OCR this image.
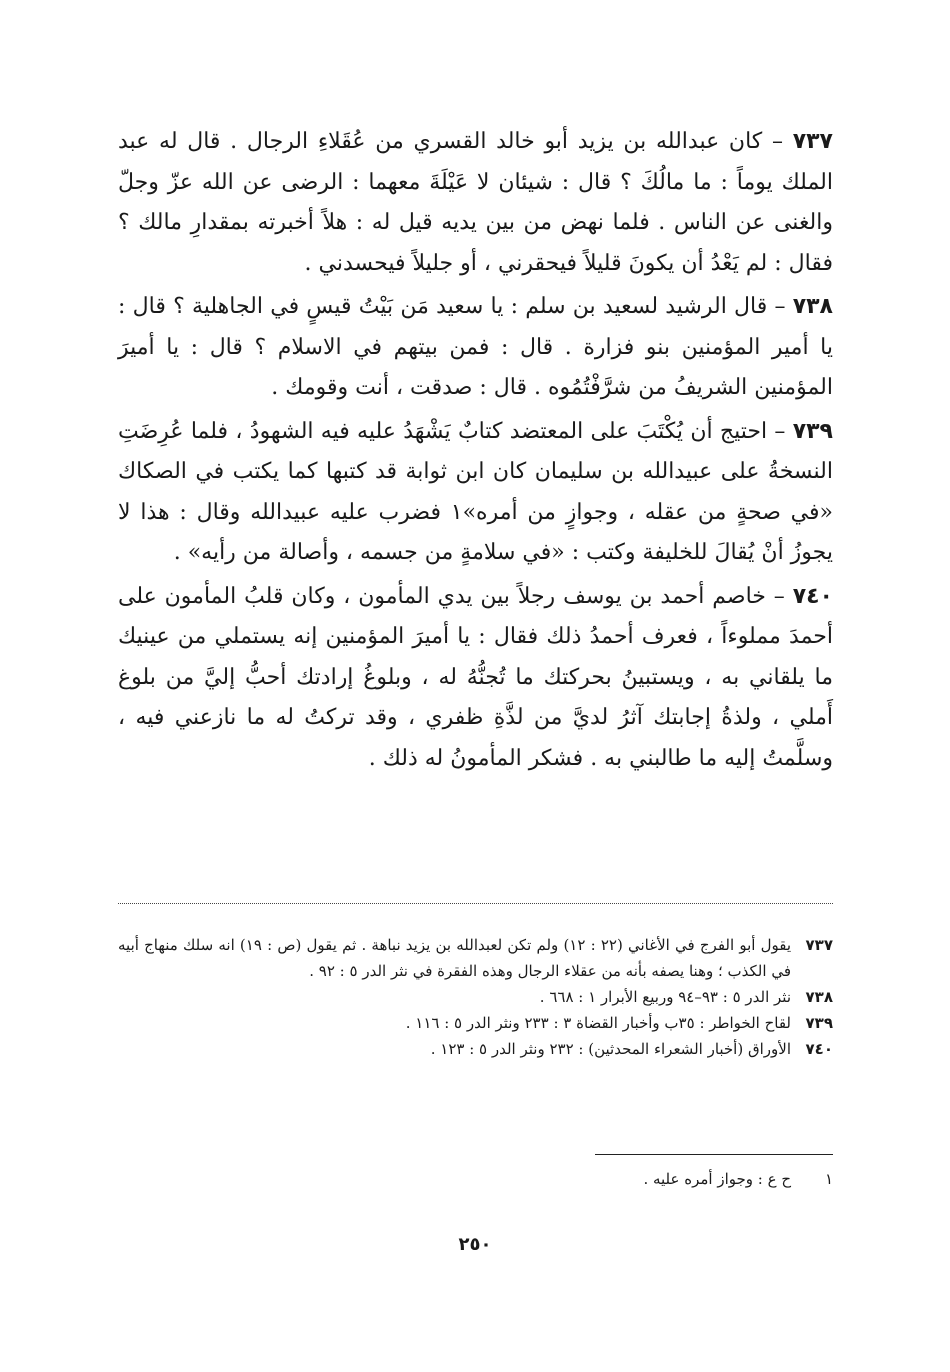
٧٣٧ – كان عبدالله بن يزيد أبو خالد القسري من عُقَلاءِ الرجال . قال له عبد الملك يوماً : ما مالُكَ ؟ قال : شيئان لا عَيْلَةَ معهما : الرضى عن الله عزّ وجلّ والغنى عن الناس . فلما نهض من بين يديه قيل له : هلاً أخبرته بمقدارِ مالك ؟ فقال : لم يَعْدُ أن يكونَ قليلاً فيحقرني ، أو جليلاً فيحسدني .

٧٣٨ – قال الرشيد لسعيد بن سلم : يا سعيد مَن بَيْتُ قيسٍ في الجاهلية ؟ قال : يا أمير المؤمنين بنو فزارة . قال : فمن بيتهم في الاسلام ؟ قال : يا أميرَ المؤمنين الشريفُ من شرَّفْتُمُوه . قال : صدقت ، أنت وقومك .

٧٣٩ – احتيج أن يُكْتَبَ على المعتضد كتابٌ يَشْهَدُ عليه فيه الشهودُ ، فلما عُرِضَتِ النسخةُ على عبيدالله بن سليمان كان ابن ثوابة قد كتبها كما يكتب في الصكاك «في صحةٍ من عقله ، وجوازٍ من أمره»١ فضرب عليه عبيدالله وقال : هذا لا يجوزُ أنْ يُقالَ للخليفة وكتب : «في سلامةٍ من جسمه ، وأصالة من رأيه» .

٧٤٠ – خاصم أحمد بن يوسف رجلاً بين يدي المأمون ، وكان قلبُ المأمون على أحمدَ مملوءاً ، فعرف أحمدُ ذلك فقال : يا أميرَ المؤمنين إنه يستملي من عينيك ما يلقاني به ، ويستبينُ بحركتك ما تُجنُّهُ له ، وبلوغُ إرادتك أحبُّ إليَّ من بلوغ أَملي ، ولذةُ إجابتك آثرُ لديَّ من لذَّةِ ظفري ، وقد تركتُ له ما نازعني فيه ، وسلَّمتُ إليه ما طالبني به . فشكر المأمونُ له ذلك .

٧٣٧
يقول أبو الفرج في الأغاني (٢٢ : ١٢) ولم تكن لعبدالله بن يزيد نباهة . ثم يقول (ص : ١٩) انه سلك منهاج أبيه في الكذب ؛ وهنا يصفه بأنه من عقلاء الرجال وهذه الفقرة في نثر الدر ٥ : ٩٢ .
٧٣٨
نثر الدر ٥ : ٩٣–٩٤ وربيع الأبرار ١ : ٦٦٨ .
٧٣٩
لقاح الخواطر : ٣٥ب وأخبار القضاة ٣ : ٢٣٣ ونثر الدر ٥ : ١١٦ .
٧٤٠
الأوراق (أخبار الشعراء المحدثين) : ٢٣٢ ونثر الدر ٥ : ١٢٣ .
١
ح ع : وجواز أمره عليه .
٢٥٠
